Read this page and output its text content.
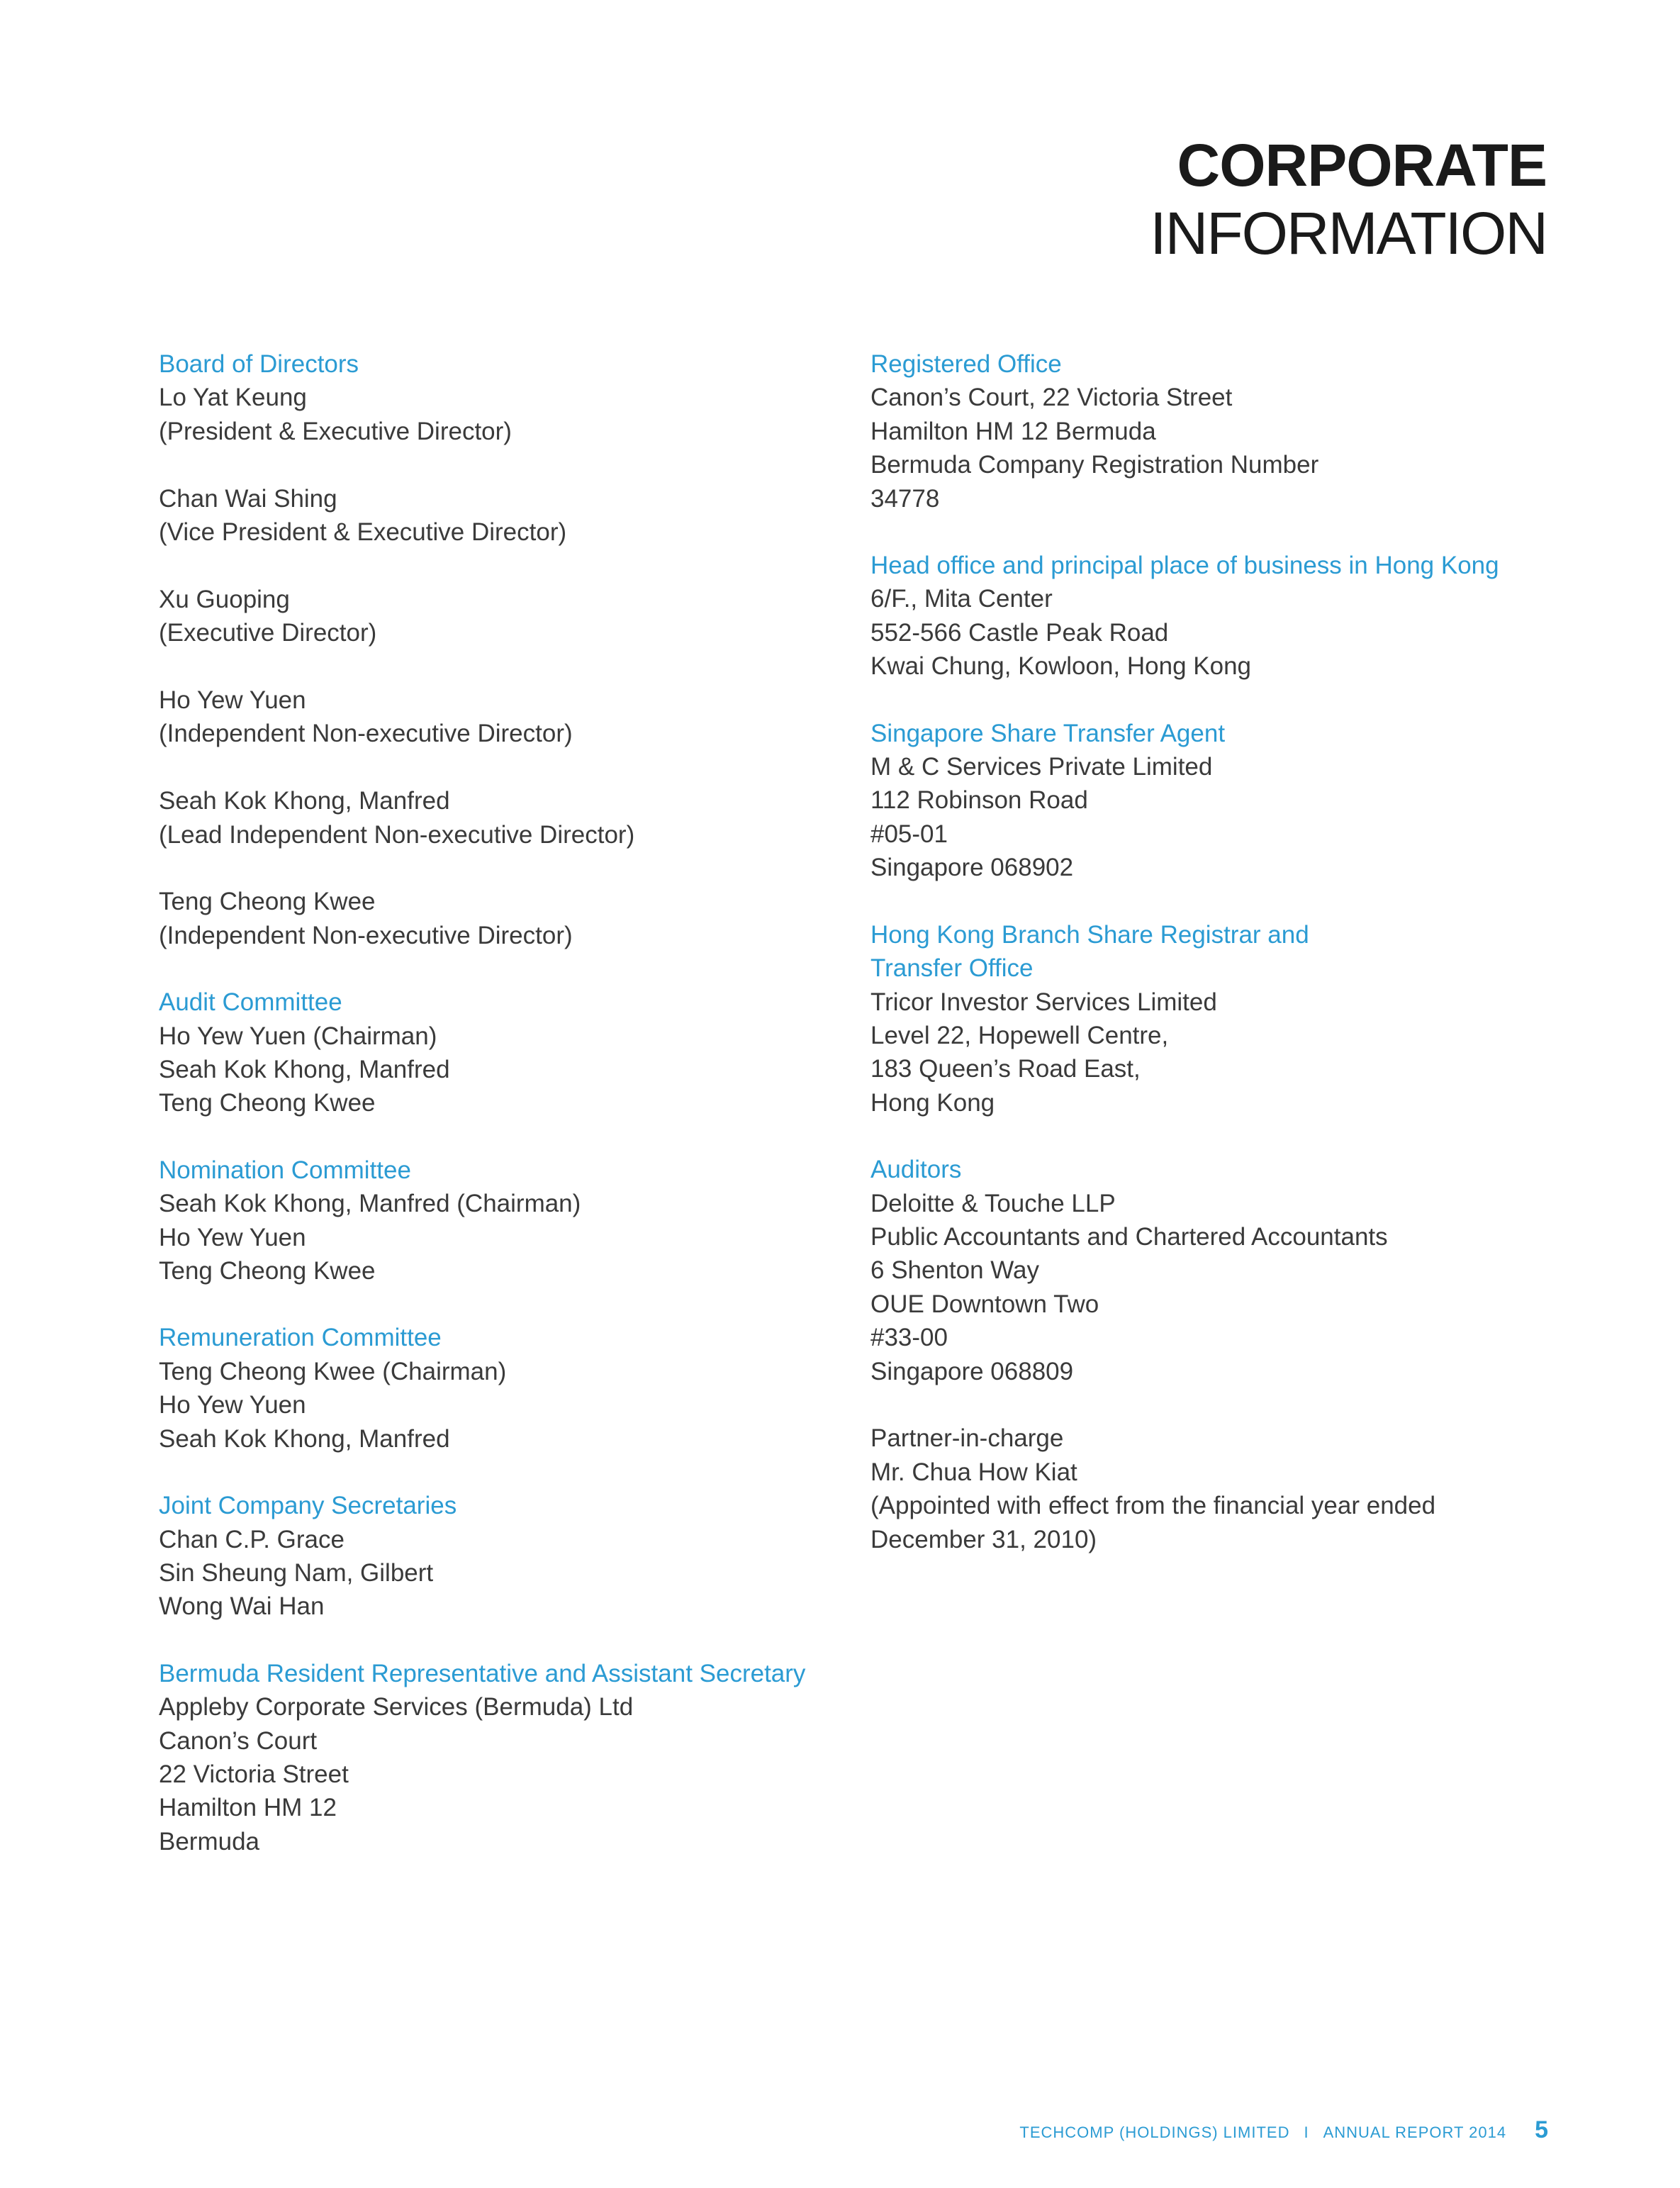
CORPORATE
INFORMATION
Board of Directors
Lo Yat Keung
(President & Executive Director)
Chan Wai Shing
(Vice President & Executive Director)
Xu Guoping
(Executive Director)
Ho Yew Yuen
(Independent Non-executive Director)
Seah Kok Khong, Manfred
(Lead Independent Non-executive Director)
Teng Cheong Kwee
(Independent Non-executive Director)
Audit Committee
Ho Yew Yuen (Chairman)
Seah Kok Khong, Manfred
Teng Cheong Kwee
Nomination Committee
Seah Kok Khong, Manfred (Chairman)
Ho Yew Yuen
Teng Cheong Kwee
Remuneration Committee
Teng Cheong Kwee (Chairman)
Ho Yew Yuen
Seah Kok Khong, Manfred
Joint Company Secretaries
Chan C.P. Grace
Sin Sheung Nam, Gilbert
Wong Wai Han
Bermuda Resident Representative and Assistant Secretary
Appleby Corporate Services (Bermuda) Ltd
Canon’s Court
22 Victoria Street
Hamilton HM 12
Bermuda
Registered Office
Canon’s Court, 22 Victoria Street
Hamilton HM 12 Bermuda
Bermuda Company Registration Number
34778
Head office and principal place of business in Hong Kong
6/F., Mita Center
552-566 Castle Peak Road
Kwai Chung, Kowloon, Hong Kong
Singapore Share Transfer Agent
M & C Services Private Limited
112 Robinson Road
#05-01
Singapore 068902
Hong Kong Branch Share Registrar and
Transfer Office
Tricor Investor Services Limited
Level 22, Hopewell Centre,
183 Queen’s Road East,
Hong Kong
Auditors
Deloitte & Touche LLP
Public Accountants and Chartered Accountants
6 Shenton Way
OUE Downtown Two
#33-00
Singapore 068809
Partner-in-charge
Mr. Chua How Kiat
(Appointed with effect from the financial year ended
December 31, 2010)
TECHCOMP (HOLDINGS) LIMITED I ANNUAL REPORT 2014 5
